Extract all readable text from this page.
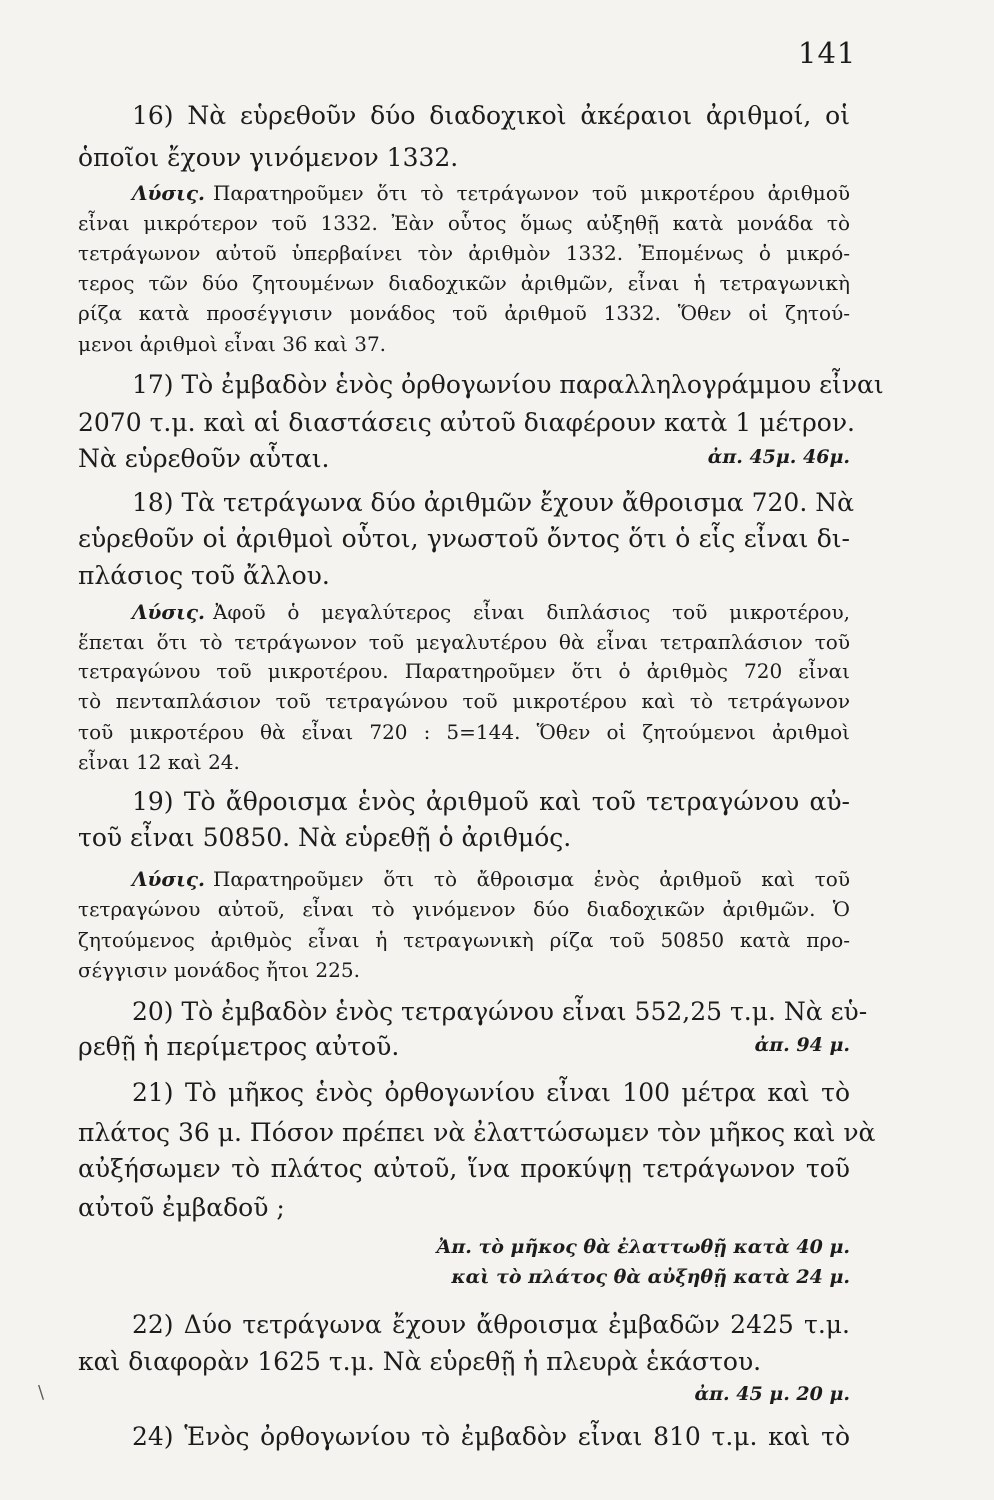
141
16) Νὰ εὑρεθοῦν δύο διαδοχικοὶ ἀκέραιοι ἀριθμοί, οἱ
ὁποῖοι ἔχουν γινόμενον 1332.
Λύσις. Παρατηροῦμεν ὅτι τὸ τετράγωνον τοῦ μικροτέρου ἀριθμοῦ
εἶναι μικρότερον τοῦ 1332. Ἐὰν οὗτος ὅμως αὐξηθῇ κατὰ μονάδα τὸ
τετράγωνον αὐτοῦ ὑπερβαίνει τὸν ἀριθμὸν 1332. Ἐπομένως ὁ μικρό-
τερος τῶν δύο ζητουμένων διαδοχικῶν ἀριθμῶν, εἶναι ἡ τετραγωνικὴ
ρίζα κατὰ προσέγγισιν μονάδος τοῦ ἀριθμοῦ 1332. Ὅθεν οἱ ζητού-
μενοι ἀριθμοὶ εἶναι 36 καὶ 37.
17) Τὸ ἐμβαδὸν ἑνὸς ὀρθογωνίου παραλληλογράμμου εἶναι
2070 τ.μ. καὶ αἱ διαστάσεις αὐτοῦ διαφέρουν κατὰ 1 μέτρον.
Νὰ εὑρεθοῦν αὗται.	ἀπ. 45μ. 46μ.
18) Τὰ τετράγωνα δύο ἀριθμῶν ἔχουν ἄθροισμα 720. Νὰ
εὑρεθοῦν οἱ ἀριθμοὶ οὗτοι, γνωστοῦ ὄντος ὅτι ὁ εἷς εἶναι δι-
πλάσιος τοῦ ἄλλου.
Λύσις. Ἀφοῦ ὁ μεγαλύτερος εἶναι διπλάσιος τοῦ μικροτέρου,
ἕπεται ὅτι τὸ τετράγωνον τοῦ μεγαλυτέρου θὰ εἶναι τετραπλάσιον τοῦ
τετραγώνου τοῦ μικροτέρου. Παρατηροῦμεν ὅτι ὁ ἀριθμὸς 720 εἶναι
τὸ πενταπλάσιον τοῦ τετραγώνου τοῦ μικροτέρου καὶ τὸ τετράγωνον
τοῦ μικροτέρου θὰ εἶναι 720 : 5=144. Ὅθεν οἱ ζητούμενοι ἀριθμοὶ
εἶναι 12 καὶ 24.
19) Τὸ ἄθροισμα ἑνὸς ἀριθμοῦ καὶ τοῦ τετραγώνου αὐ-
τοῦ εἶναι 50850. Νὰ εὑρεθῇ ὁ ἀριθμός.
Λύσις. Παρατηροῦμεν ὅτι τὸ ἄθροισμα ἑνὸς ἀριθμοῦ καὶ τοῦ
τετραγώνου αὐτοῦ, εἶναι τὸ γινόμενον δύο διαδοχικῶν ἀριθμῶν. Ὁ
ζητούμενος ἀριθμὸς εἶναι ἡ τετραγωνικὴ ρίζα τοῦ 50850 κατὰ προ-
σέγγισιν μονάδος ἤτοι 225.
20) Τὸ ἐμβαδὸν ἑνὸς τετραγώνου εἶναι 552,25 τ.μ. Νὰ εὑ-
ρεθῇ ἡ περίμετρος αὐτοῦ.	ἀπ. 94 μ.
21) Τὸ μῆκος ἑνὸς ὀρθογωνίου εἶναι 100 μέτρα καὶ τὸ
πλάτος 36 μ. Πόσον πρέπει νὰ ἐλαττώσωμεν τὸν μῆκος καὶ νὰ
αὐξήσωμεν τὸ πλάτος αὐτοῦ, ἵνα προκύψῃ τετράγωνον τοῦ
αὐτοῦ ἐμβαδοῦ ;
Ἀπ. τὸ μῆκος θὰ ἐλαττωθῇ κατὰ 40 μ.
καὶ τὸ πλάτος θὰ αὐξηθῇ κατὰ 24 μ.
22) Δύο τετράγωνα ἔχουν ἄθροισμα ἐμβαδῶν 2425 τ.μ.
καὶ διαφορὰν 1625 τ.μ. Νὰ εὑρεθῇ ἡ πλευρὰ ἑκάστου.
ἀπ. 45 μ. 20 μ.
24) Ἑνὸς ὀρθογωνίου τὸ ἐμβαδὸν εἶναι 810 τ.μ. καὶ τὸ
\
